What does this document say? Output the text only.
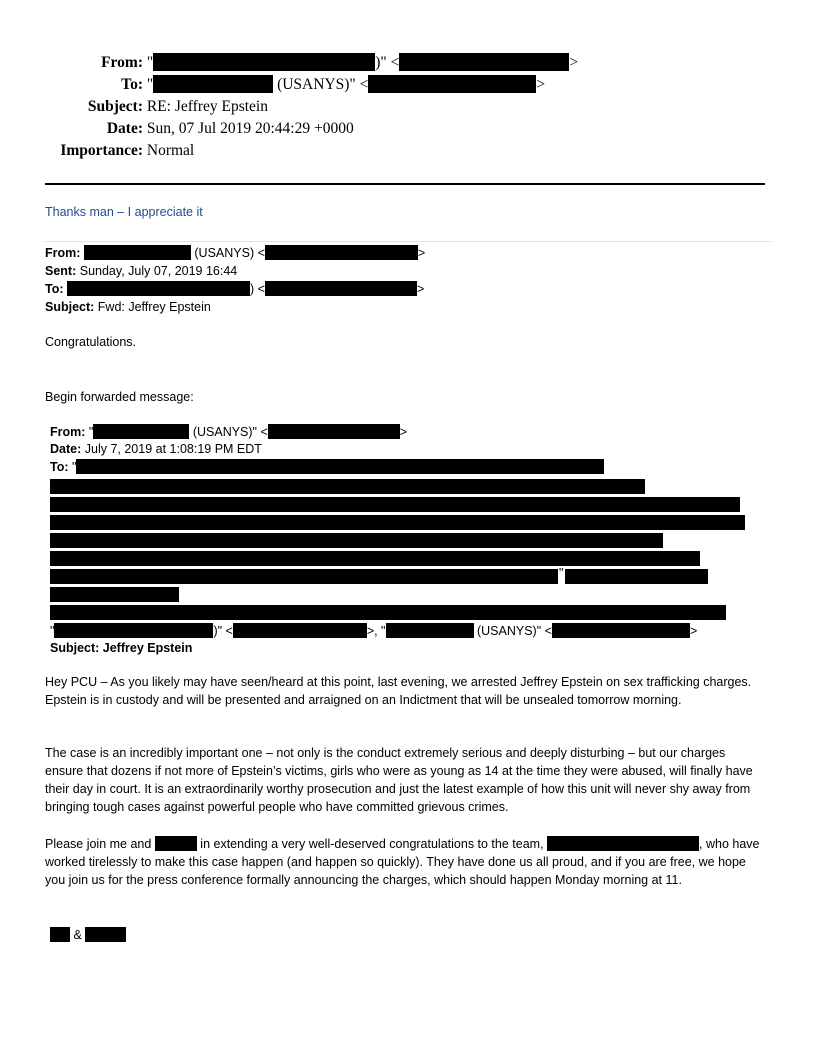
From: "	)" <	>
To: "	(USANYS)" <	>
Subject: RE: Jeffrey Epstein
Date: Sun, 07 Jul 2019 20:44:29 +0000
Importance: Normal
Thanks man – I appreciate it
From:	(USANYS) <	>
Sent: Sunday, July 07, 2019 16:44
To:	) <	>
Subject: Fwd: Jeffrey Epstein
Congratulations.
Begin forwarded message:
From: "	(USANYS)" <	>
Date: July 7, 2019 at 1:08:19 PM EDT
To: "
"
"	)" <	>, "	(USANYS)" <	>
Subject: Jeffrey Epstein
Hey PCU – As you likely may have seen/heard at this point, last evening, we arrested Jeffrey Epstein on sex trafficking charges. Epstein is in custody and will be presented and arraigned on an Indictment that will be unsealed tomorrow morning.
The case is an incredibly important one – not only is the conduct extremely serious and deeply disturbing – but our charges ensure that dozens if not more of Epstein’s victims, girls who were as young as 14 at the time they were abused, will finally have their day in court. It is an extraordinarily worthy prosecution and just the latest example of how this unit will never shy away from bringing tough cases against powerful people who have committed grievous crimes.
Please join me and	in extending a very well-deserved congratulations to the team,	, who have worked tirelessly to make this case happen (and happen so quickly). They have done us all proud, and if you are free, we hope you join us for the press conference formally announcing the charges, which should happen Monday morning at 11.
&
